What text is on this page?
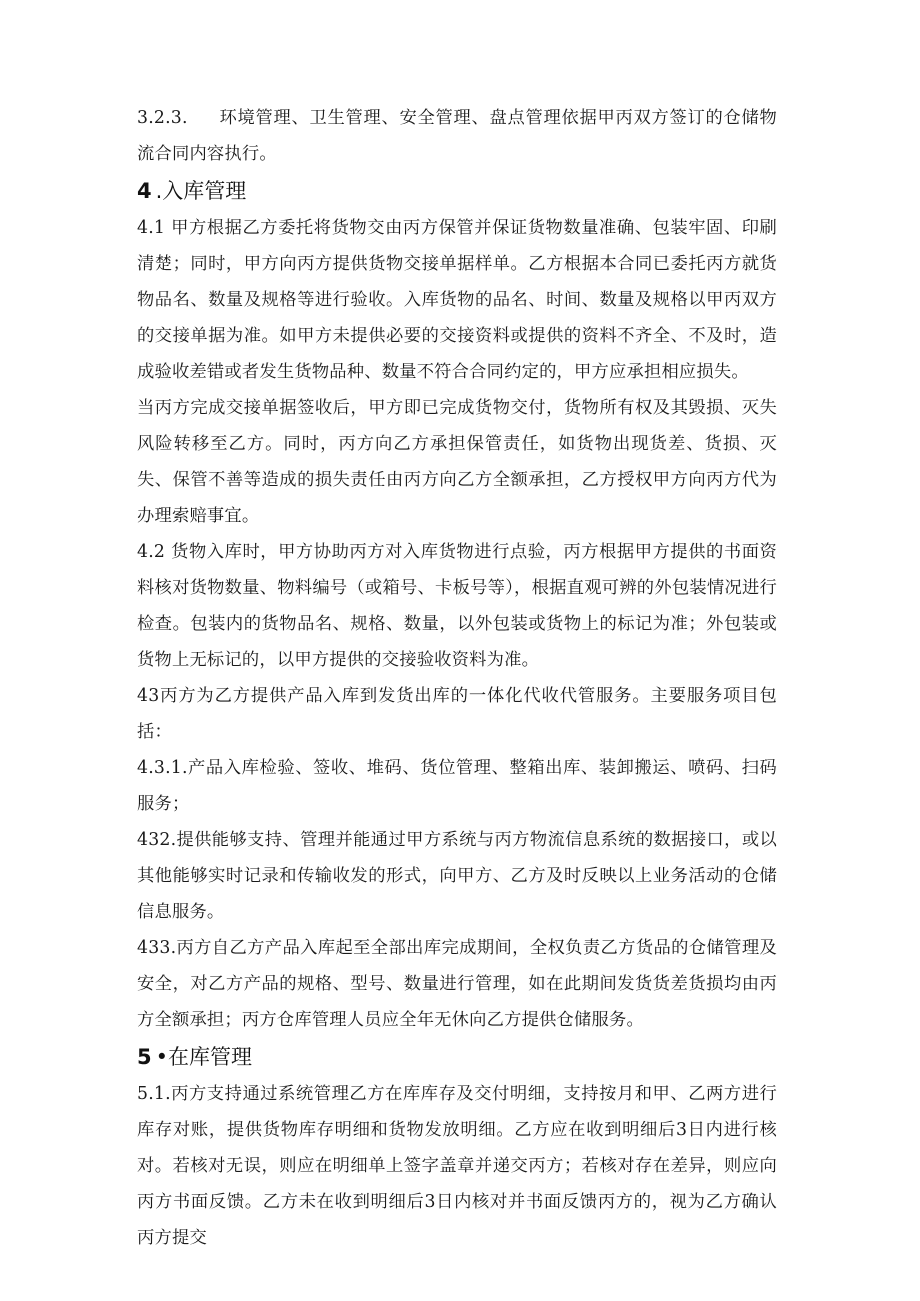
3.2.3. 环境管理、卫生管理、安全管理、盘点管理依据甲丙双方签订的仓储物流合同内容执行。

4 .入库管理

4.1 甲方根据乙方委托将货物交由丙方保管并保证货物数量准确、包装牢固、印刷清楚；同时，甲方向丙方提供货物交接单据样单。乙方根据本合同已委托丙方就货物品名、数量及规格等进行验收。入库货物的品名、时间、数量及规格以甲丙双方的交接单据为准。如甲方未提供必要的交接资料或提供的资料不齐全、不及时，造成验收差错或者发生货物品种、数量不符合合同约定的，甲方应承担相应损失。

当丙方完成交接单据签收后，甲方即已完成货物交付，货物所有权及其毁损、灭失风险转移至乙方。同时，丙方向乙方承担保管责任，如货物出现货差、货损、灭失、保管不善等造成的损失责任由丙方向乙方全额承担，乙方授权甲方向丙方代为办理索赔事宜。

4.2 货物入库时，甲方协助丙方对入库货物进行点验，丙方根据甲方提供的书面资料核对货物数量、物料编号（或箱号、卡板号等），根据直观可辨的外包装情况进行检查。包装内的货物品名、规格、数量，以外包装或货物上的标记为准；外包装或货物上无标记的，以甲方提供的交接验收资料为准。

43丙方为乙方提供产品入库到发货出库的一体化代收代管服务。主要服务项目包括：

4.3.1.产品入库检验、签收、堆码、货位管理、整箱出库、装卸搬运、喷码、扫码服务；

432.提供能够支持、管理并能通过甲方系统与丙方物流信息系统的数据接口，或以其他能够实时记录和传输收发的形式，向甲方、乙方及时反映以上业务活动的仓储信息服务。

433.丙方自乙方产品入库起至全部出库完成期间，全权负责乙方货品的仓储管理及安全，对乙方产品的规格、型号、数量进行管理，如在此期间发货货差货损均由丙方全额承担；丙方仓库管理人员应全年无休向乙方提供仓储服务。

5 •在库管理

5.1.丙方支持通过系统管理乙方在库库存及交付明细，支持按月和甲、乙两方进行库存对账，提供货物库存明细和货物发放明细。乙方应在收到明细后3日内进行核对。若核对无误，则应在明细单上签字盖章并递交丙方；若核对存在差异，则应向丙方书面反馈。乙方未在收到明细后3日内核对并书面反馈丙方的，视为乙方确认丙方提交
